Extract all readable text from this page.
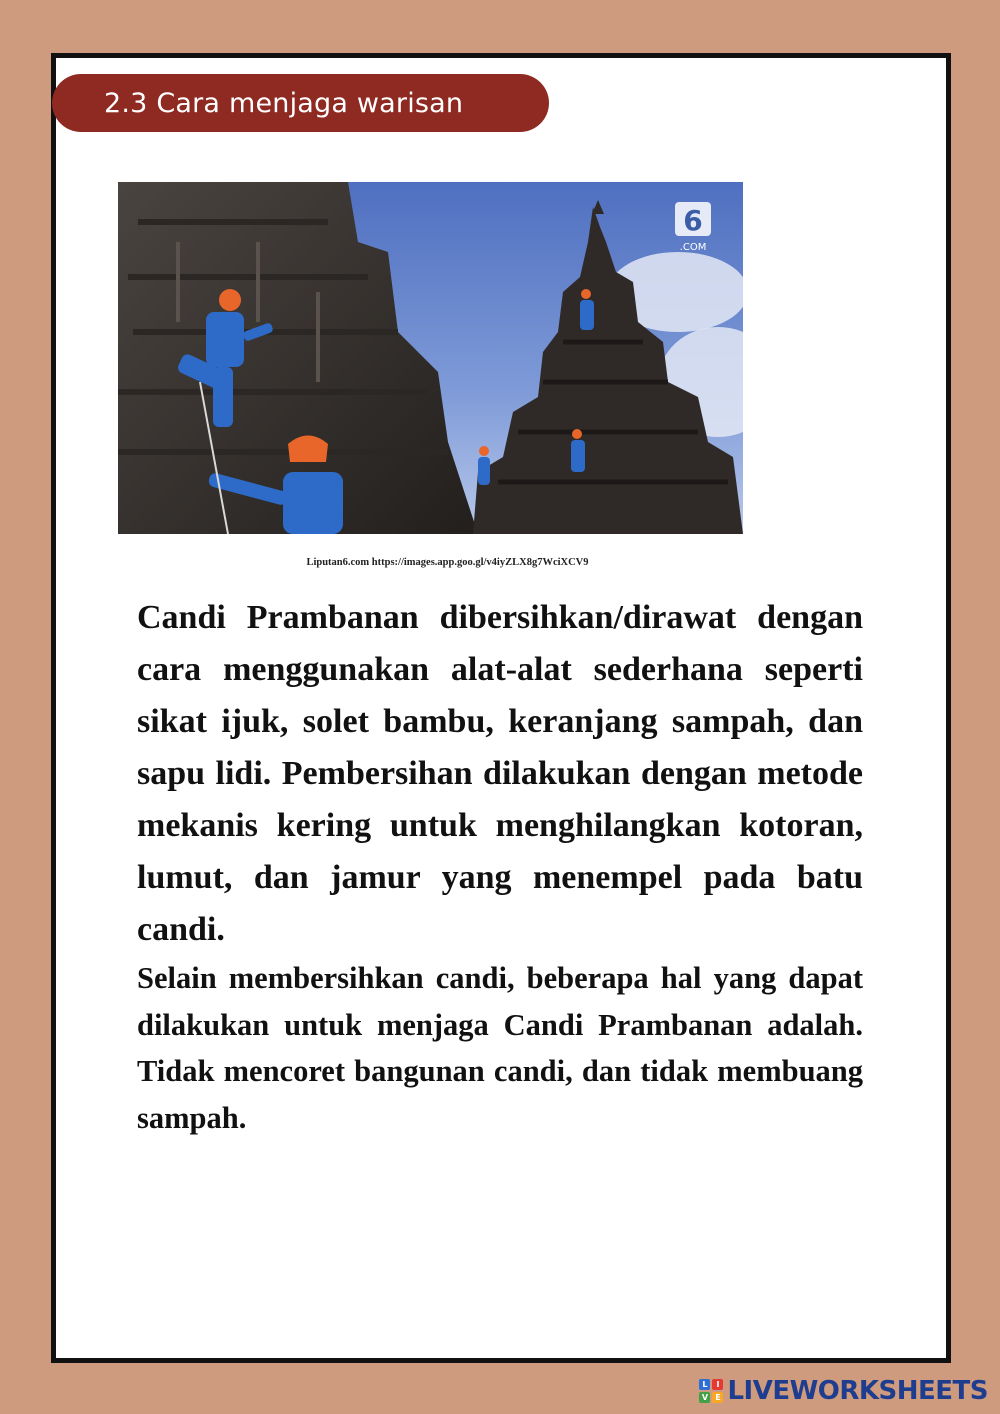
2.3 Cara menjaga warisan
6
.COM
Liputan6.com https://images.app.goo.gl/v4iyZLX8g7WciXCV9

Candi Prambanan dibersihkan/dirawat dengan cara menggunakan alat-alat sederhana seperti sikat ijuk, solet bambu, keranjang sampah, dan sapu lidi. Pembersihan dilakukan dengan metode mekanis kering untuk menghilangkan kotoran, lumut, dan jamur yang menempel pada batu candi.

Selain membersihkan candi, beberapa hal yang dapat dilakukan untuk menjaga Candi Prambanan adalah. Tidak mencoret bangunan candi, dan tidak membuang sampah.

L	I
V E LIVEWORKSHEETS
